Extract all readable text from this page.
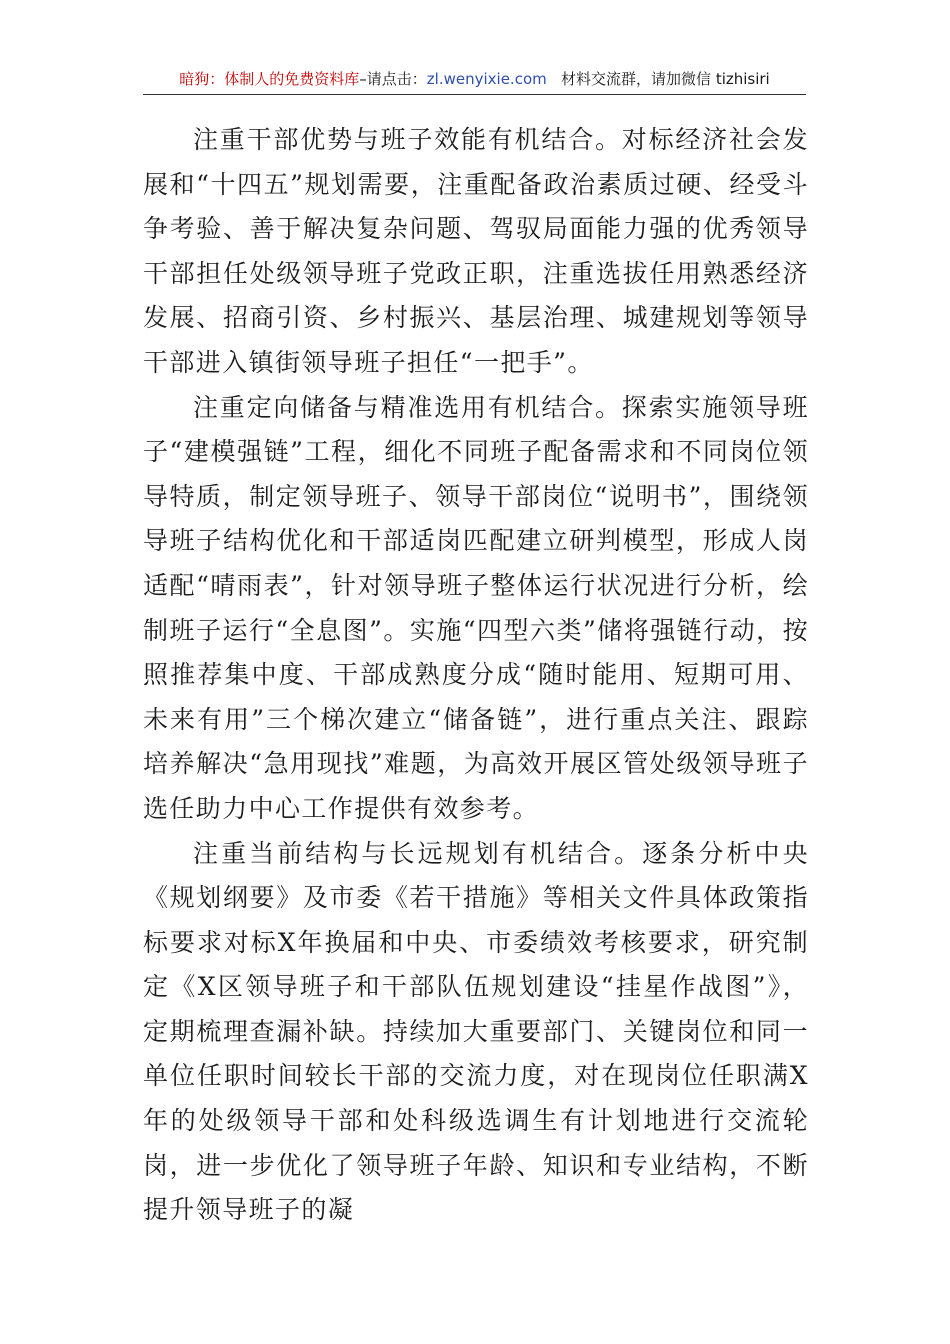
暗狗：体制人的免费资料库–请点击：zl.wenyixie.com 材料交流群，请加微信 tizhisiri

注重干部优势与班子效能有机结合。对标经济社会发展和“十四五”规划需要，注重配备政治素质过硬、经受斗争考验、善于解决复杂问题、驾驭局面能力强的优秀领导干部担任处级领导班子党政正职，注重选拔任用熟悉经济发展、招商引资、乡村振兴、基层治理、城建规划等领导干部进入镇街领导班子担任“一把手”。

注重定向储备与精准选用有机结合。探索实施领导班子“建模强链”工程，细化不同班子配备需求和不同岗位领导特质，制定领导班子、领导干部岗位“说明书”，围绕领导班子结构优化和干部适岗匹配建立研判模型，形成人岗适配“晴雨表”，针对领导班子整体运行状况进行分析，绘制班子运行“全息图”。实施“四型六类”储将强链行动，按照推荐集中度、干部成熟度分成“随时能用、短期可用、未来有用”三个梯次建立“储备链”，进行重点关注、跟踪培养解决“急用现找”难题，为高效开展区管处级领导班子选任助力中心工作提供有效参考。

注重当前结构与长远规划有机结合。逐条分析中央《规划纲要》及市委《若干措施》等相关文件具体政策指标要求对标X年换届和中央、市委绩效考核要求，研究制定《X区领导班子和干部队伍规划建设“挂星作战图”》，定期梳理查漏补缺。持续加大重要部门、关键岗位和同一单位任职时间较长干部的交流力度，对在现岗位任职满X年的处级领导干部和处科级选调生有计划地进行交流轮岗，进一步优化了领导班子年龄、知识和专业结构，不断提升领导班子的凝
